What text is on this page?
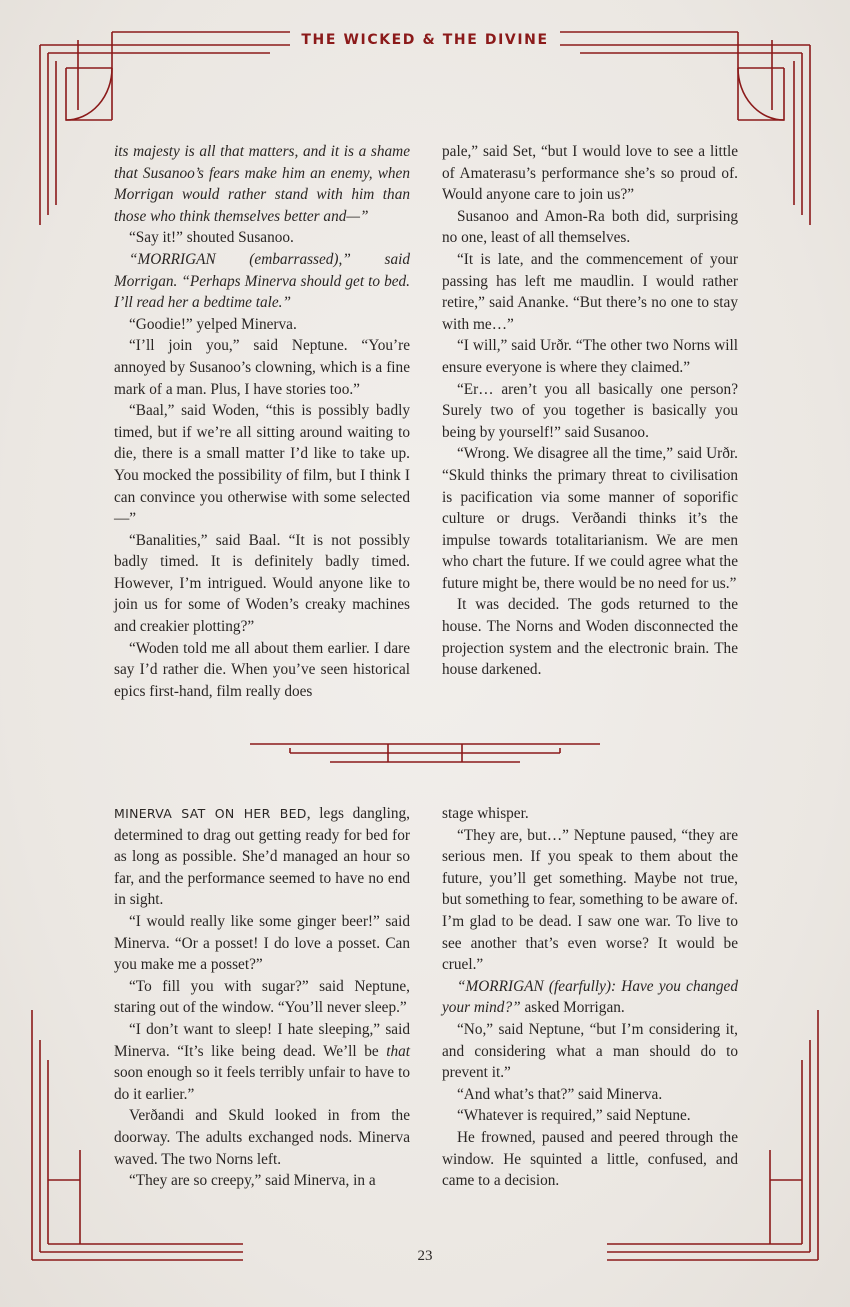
THE WICKED & THE DIVINE

its majesty is all that matters, and it is a shame that Susanoo’s fears make him an enemy, when Morrigan would rather stand with him than those who think themselves better and—”

“Say it!” shouted Susanoo.

“MORRIGAN (embarrassed),” said Morrigan. “Perhaps Minerva should get to bed. I’ll read her a bedtime tale.”

“Goodie!” yelped Minerva.

“I’ll join you,” said Neptune. “You’re annoyed by Susanoo’s clowning, which is a fine mark of a man. Plus, I have stories too.”

“Baal,” said Woden, “this is possibly badly timed, but if we’re all sitting around waiting to die, there is a small matter I’d like to take up. You mocked the possibility of film, but I think I can convince you otherwise with some selected—”

“Banalities,” said Baal. “It is not possibly badly timed. It is definitely badly timed. However, I’m intrigued. Would anyone like to join us for some of Woden’s creaky machines and creakier plotting?”

“Woden told me all about them earlier. I dare say I’d rather die. When you’ve seen historical epics first-hand, film really does

pale,” said Set, “but I would love to see a little of Amaterasu’s performance she’s so proud of. Would anyone care to join us?”

Susanoo and Amon-Ra both did, surprising no one, least of all themselves.

“It is late, and the commencement of your passing has left me maudlin. I would rather retire,” said Ananke. “But there’s no one to stay with me…”

“I will,” said Urðr. “The other two Norns will ensure everyone is where they claimed.”

“Er… aren’t you all basically one person? Surely two of you together is basically you being by yourself!” said Susanoo.

“Wrong. We disagree all the time,” said Urðr. “Skuld thinks the primary threat to civilisation is pacification via some manner of soporific culture or drugs. Verðandi thinks it’s the impulse towards totalitarianism. We are men who chart the future. If we could agree what the future might be, there would be no need for us.”

It was decided. The gods returned to the house. The Norns and Woden disconnected the projection system and the electronic brain. The house darkened.

MINERVA SAT ON HER BED, legs dangling, determined to drag out getting ready for bed for as long as possible. She’d managed an hour so far, and the performance seemed to have no end in sight.

“I would really like some ginger beer!” said Minerva. “Or a posset! I do love a posset. Can you make me a posset?”

“To fill you with sugar?” said Neptune, staring out of the window. “You’ll never sleep.”

“I don’t want to sleep! I hate sleeping,” said Minerva. “It’s like being dead. We’ll be that soon enough so it feels terribly unfair to have to do it earlier.”

Verðandi and Skuld looked in from the doorway. The adults exchanged nods. Minerva waved. The two Norns left.

“They are so creepy,” said Minerva, in a

stage whisper.

“They are, but…” Neptune paused, “they are serious men. If you speak to them about the future, you’ll get something. Maybe not true, but something to fear, something to be aware of. I’m glad to be dead. I saw one war. To live to see another that’s even worse? It would be cruel.”

“MORRIGAN (fearfully): Have you changed your mind?” asked Morrigan.

“No,” said Neptune, “but I’m considering it, and considering what a man should do to prevent it.”

“And what’s that?” said Minerva.

“Whatever is required,” said Neptune.

He frowned, paused and peered through the window. He squinted a little, confused, and came to a decision.

23
